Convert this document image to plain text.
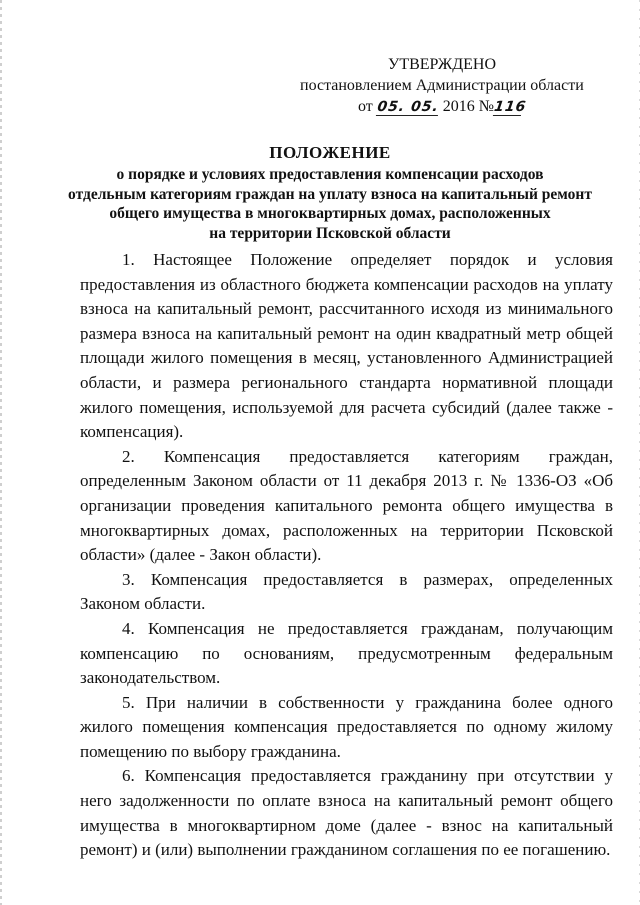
УТВЕРЖДЕНО
постановлением Администрации области
от 05. 05. 2016 №116
ПОЛОЖЕНИЕ
о порядке и условиях предоставления компенсации расходов
отдельным категориям граждан на уплату взноса на капитальный ремонт
общего имущества в многоквартирных домах, расположенных
на территории Псковской области

1. Настоящее Положение определяет порядок и условия предоставления из областного бюджета компенсации расходов на уплату взноса на капитальный ремонт, рассчитанного исходя из минимального размера взноса на капитальный ремонт на один квадратный метр общей площади жилого помещения в месяц, установленного Администрацией области, и размера регионального стандарта нормативной площади жилого помещения, используемой для расчета субсидий (далее также - компенсация).

2. Компенсация предоставляется категориям граждан, определенным Законом области от 11 декабря 2013 г. № 1336-ОЗ «Об организации проведения капитального ремонта общего имущества в многоквартирных домах, расположенных на территории Псковской области» (далее - Закон области).

3. Компенсация предоставляется в размерах, определенных Законом области.

4. Компенсация не предоставляется гражданам, получающим компенсацию по основаниям, предусмотренным федеральным законодательством.

5. При наличии в собственности у гражданина более одного жилого помещения компенсация предоставляется по одному жилому помещению по выбору гражданина.

6. Компенсация предоставляется гражданину при отсутствии у него задолженности по оплате взноса на капитальный ремонт общего имущества в многоквартирном доме (далее - взнос на капитальный ремонт) и (или) выполнении гражданином соглашения по ее погашению.
